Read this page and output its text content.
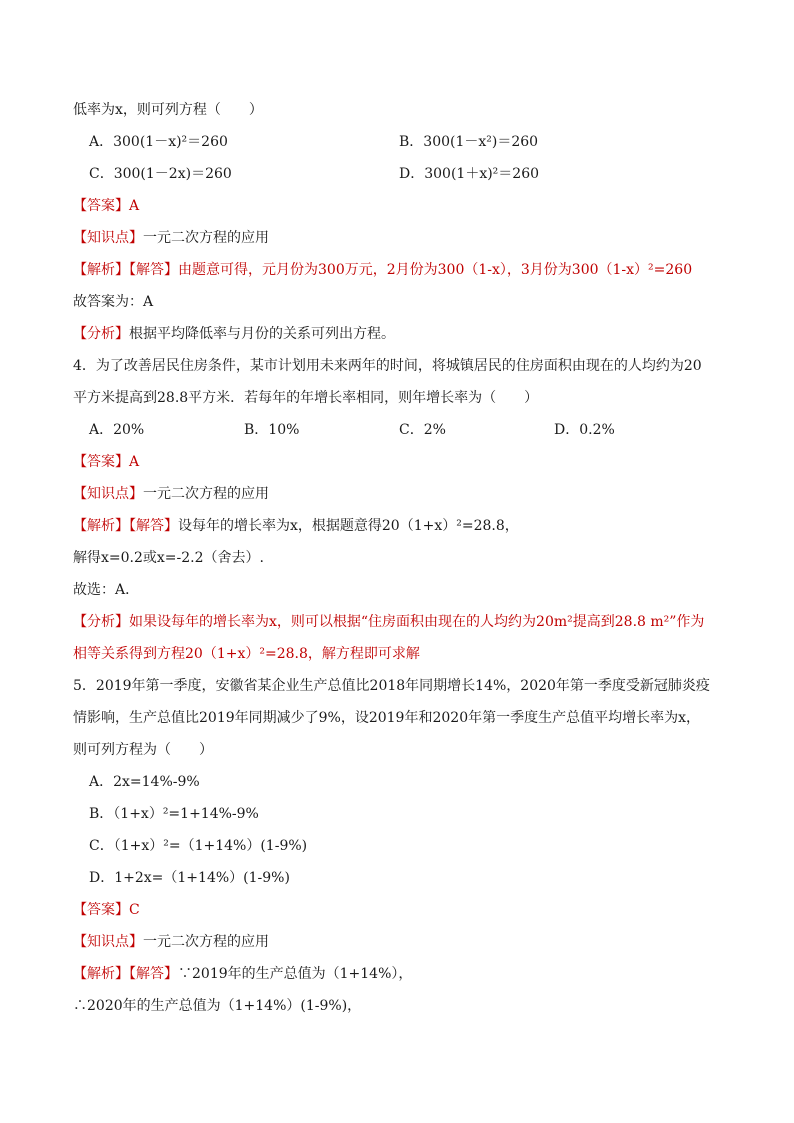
低率为x，则可列方程（　　）
A．300(1－x)²＝260	B．300(1－x²)＝260
C．300(1－2x)＝260	D．300(1＋x)²＝260
【答案】A
【知识点】一元二次方程的应用
【解析】【解答】由题意可得，元月份为300万元，2月份为300（1-x），3月份为300（1-x）²=260
故答案为：A
【分析】根据平均降低率与月份的关系可列出方程。
4．为了改善居民住房条件，某市计划用未来两年的时间，将城镇居民的住房面积由现在的人均约为20
平方米提高到28.8平方米．若每年的年增长率相同，则年增长率为（　　）
A．20%	B．10%	C．2%	D．0.2%
【答案】A
【知识点】一元二次方程的应用
【解析】【解答】设每年的增长率为x，根据题意得20（1+x）²=28.8，
解得x=0.2或x=-2.2（舍去）.
故选：A．
【分析】如果设每年的增长率为x，则可以根据“住房面积由现在的人均约为20m²提高到28.8 m²”作为
相等关系得到方程20（1+x）²=28.8，解方程即可求解
5．2019年第一季度，安徽省某企业生产总值比2018年同期增长14%，2020年第一季度受新冠肺炎疫
情影响，生产总值比2019年同期减少了9%，设2019年和2020年第一季度生产总值平均增长率为x，
则可列方程为（　　）
A．2x=14%-9%
B．（1+x）²=1+14%-9%
C．（1+x）²=（1+14%）(1-9%)
D．1+2x=（1+14%）(1-9%)
【答案】C
【知识点】一元二次方程的应用
【解析】【解答】∵2019年的生产总值为（1+14%），
∴2020年的生产总值为（1+14%）(1-9%)，
